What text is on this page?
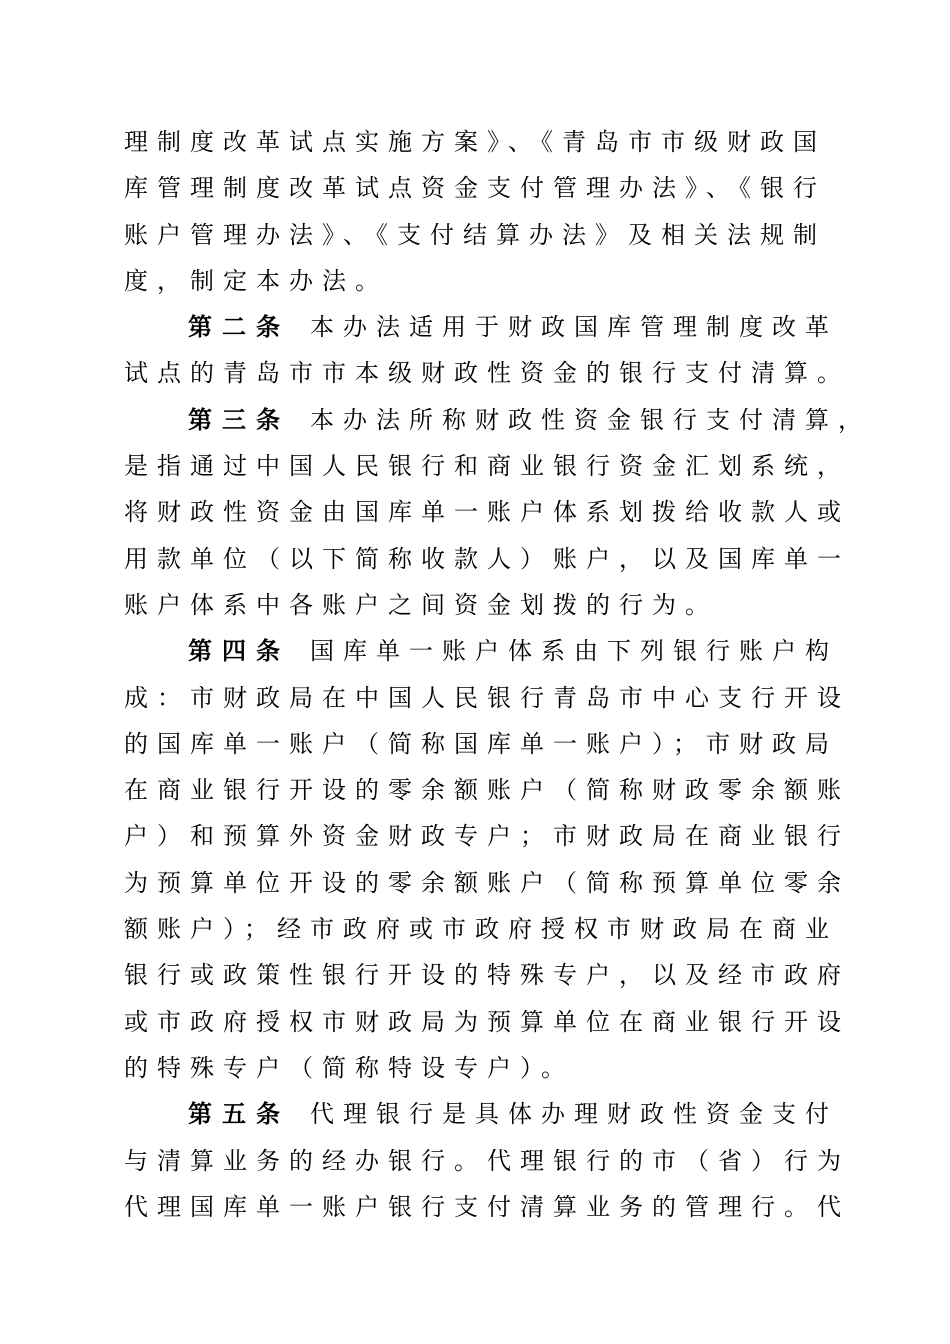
理制度改革试点实施方案》、《青岛市市级财政国
库管理制度改革试点资金支付管理办法》、《银行
账户管理办法》、《支付结算办法》及相关法规制
度，制定本办法。
第二条 本办法适用于财政国库管理制度改革
试点的青岛市市本级财政性资金的银行支付清算。
第三条 本办法所称财政性资金银行支付清算，
是指通过中国人民银行和商业银行资金汇划系统，
将财政性资金由国库单一账户体系划拨给收款人或
用款单位（以下简称收款人）账户，以及国库单一
账户体系中各账户之间资金划拨的行为。
第四条 国库单一账户体系由下列银行账户构
成：市财政局在中国人民银行青岛市中心支行开设
的国库单一账户（简称国库单一账户）；市财政局
在商业银行开设的零余额账户（简称财政零余额账
户）和预算外资金财政专户；市财政局在商业银行
为预算单位开设的零余额账户（简称预算单位零余
额账户）；经市政府或市政府授权市财政局在商业
银行或政策性银行开设的特殊专户，以及经市政府
或市政府授权市财政局为预算单位在商业银行开设
的特殊专户（简称特设专户）。
第五条 代理银行是具体办理财政性资金支付
与清算业务的经办银行。代理银行的市（省）行为
代理国库单一账户银行支付清算业务的管理行。代
